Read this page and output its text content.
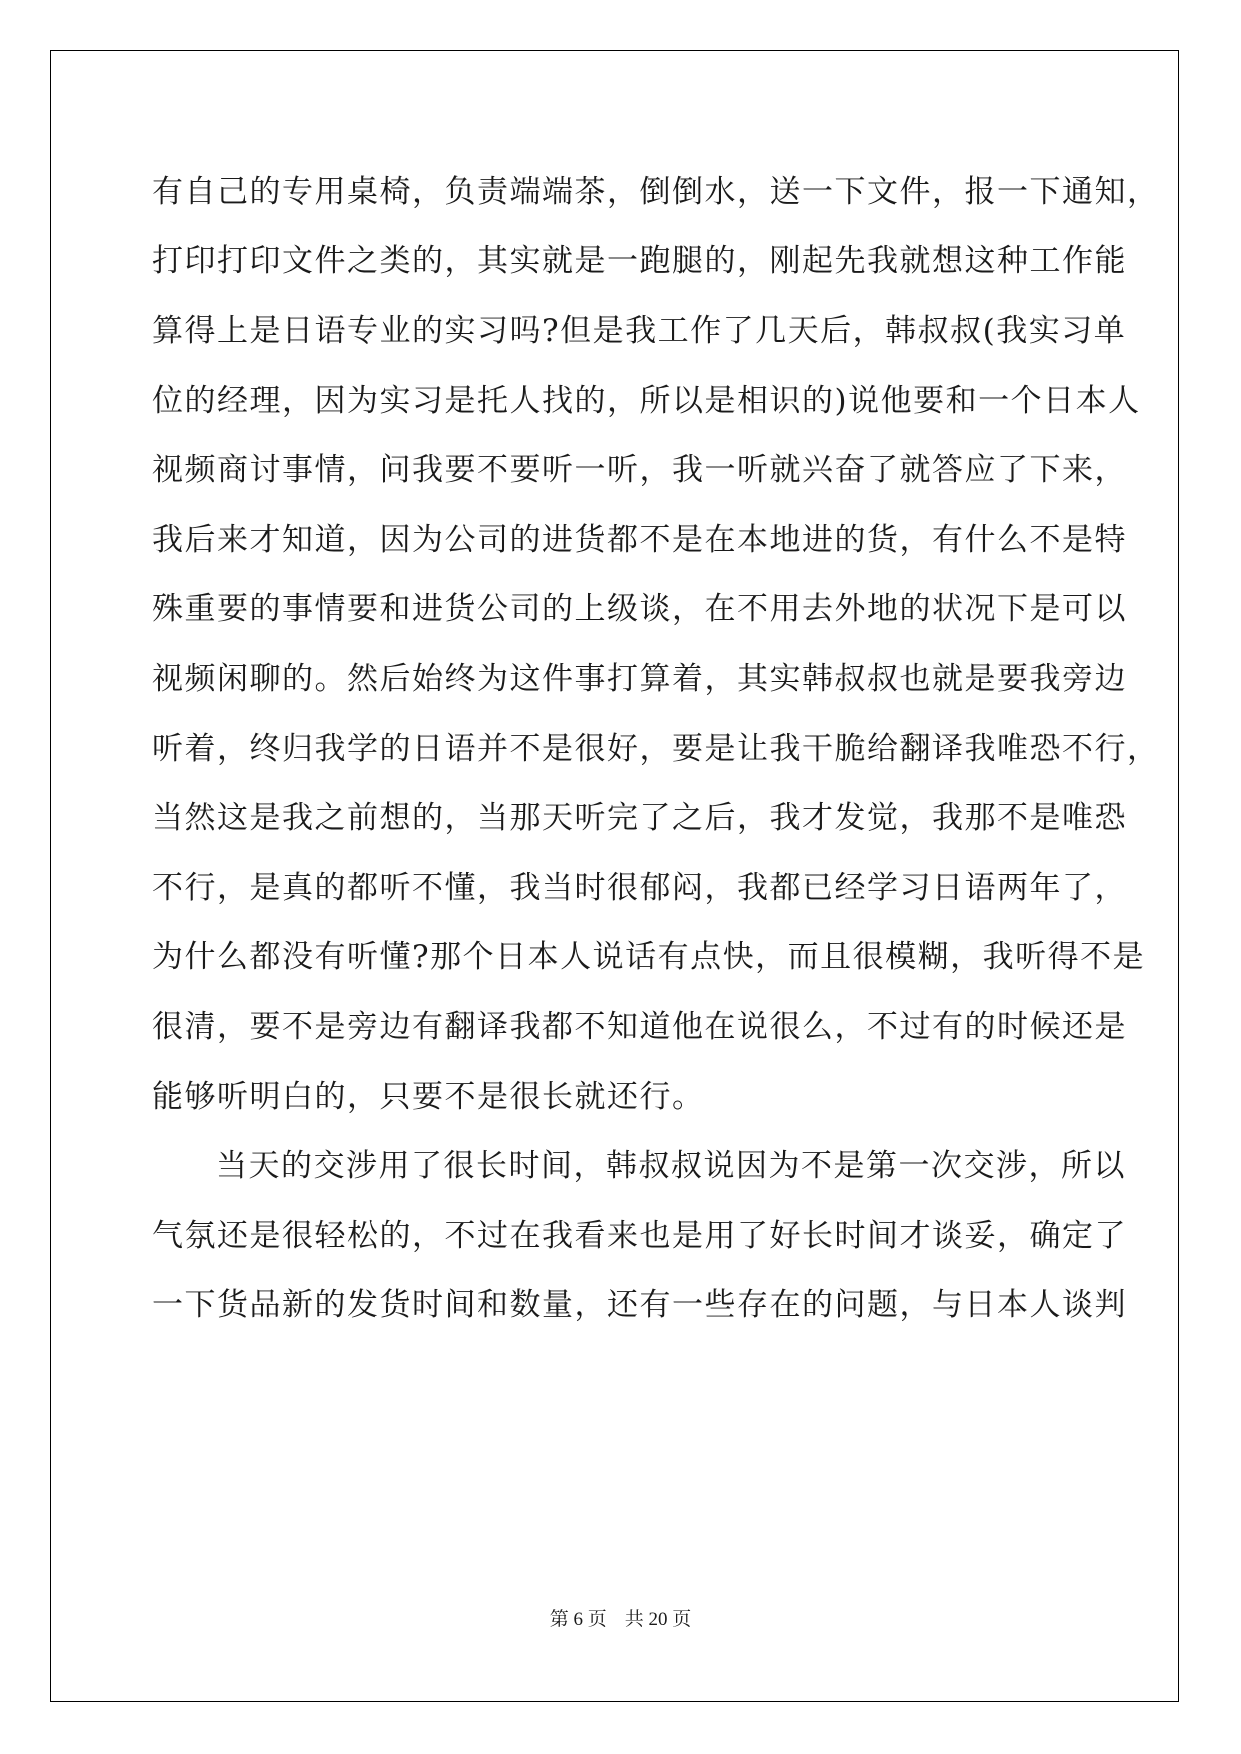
有自己的专用桌椅，负责端端茶，倒倒水，送一下文件，报一下通知，
打印打印文件之类的，其实就是一跑腿的，刚起先我就想这种工作能
算得上是日语专业的实习吗?但是我工作了几天后，韩叔叔(我实习单
位的经理，因为实习是托人找的，所以是相识的)说他要和一个日本人
视频商讨事情，问我要不要听一听，我一听就兴奋了就答应了下来，
我后来才知道，因为公司的进货都不是在本地进的货，有什么不是特
殊重要的事情要和进货公司的上级谈，在不用去外地的状况下是可以
视频闲聊的。然后始终为这件事打算着，其实韩叔叔也就是要我旁边
听着，终归我学的日语并不是很好，要是让我干脆给翻译我唯恐不行，
当然这是我之前想的，当那天听完了之后，我才发觉，我那不是唯恐
不行，是真的都听不懂，我当时很郁闷，我都已经学习日语两年了，
为什么都没有听懂?那个日本人说话有点快，而且很模糊，我听得不是
很清，要不是旁边有翻译我都不知道他在说很么，不过有的时候还是
能够听明白的，只要不是很长就还行。
当天的交涉用了很长时间，韩叔叔说因为不是第一次交涉，所以
气氛还是很轻松的，不过在我看来也是用了好长时间才谈妥，确定了
一下货品新的发货时间和数量，还有一些存在的问题，与日本人谈判
第 6 页 共 20 页
